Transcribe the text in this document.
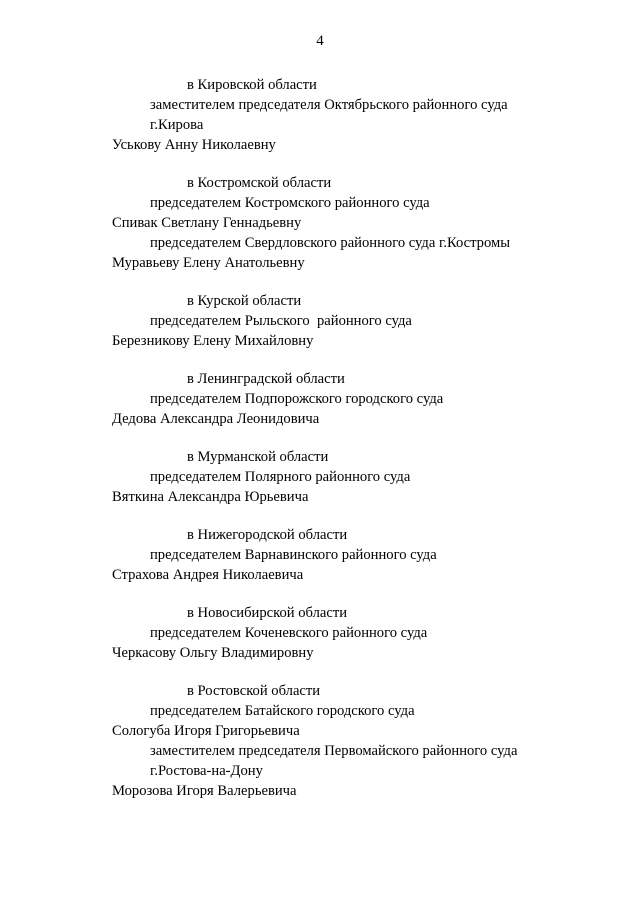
4
в Кировской области
заместителем председателя Октябрьского районного суда
г.Кирова
Уськову Анну Николаевну
в Костромской области
председателем Костромского районного суда
Спивак Светлану Геннадьевну
председателем Свердловского районного суда г.Костромы
Муравьеву Елену Анатольевну
в Курской области
председателем Рыльского  районного суда
Березникову Елену Михайловну
в Ленинградской области
председателем Подпорожского городского суда
Дедова Александра Леонидовича
в Мурманской области
председателем Полярного районного суда
Вяткина Александра Юрьевича
в Нижегородской области
председателем Варнавинского районного суда
Страхова Андрея Николаевича
в Новосибирской области
председателем Коченевского районного суда
Черкасову Ольгу Владимировну
в Ростовской области
председателем Батайского городского суда
Сологуба Игоря Григорьевича
заместителем председателя Первомайского районного суда
г.Ростова-на-Дону
Морозова Игоря Валерьевича
